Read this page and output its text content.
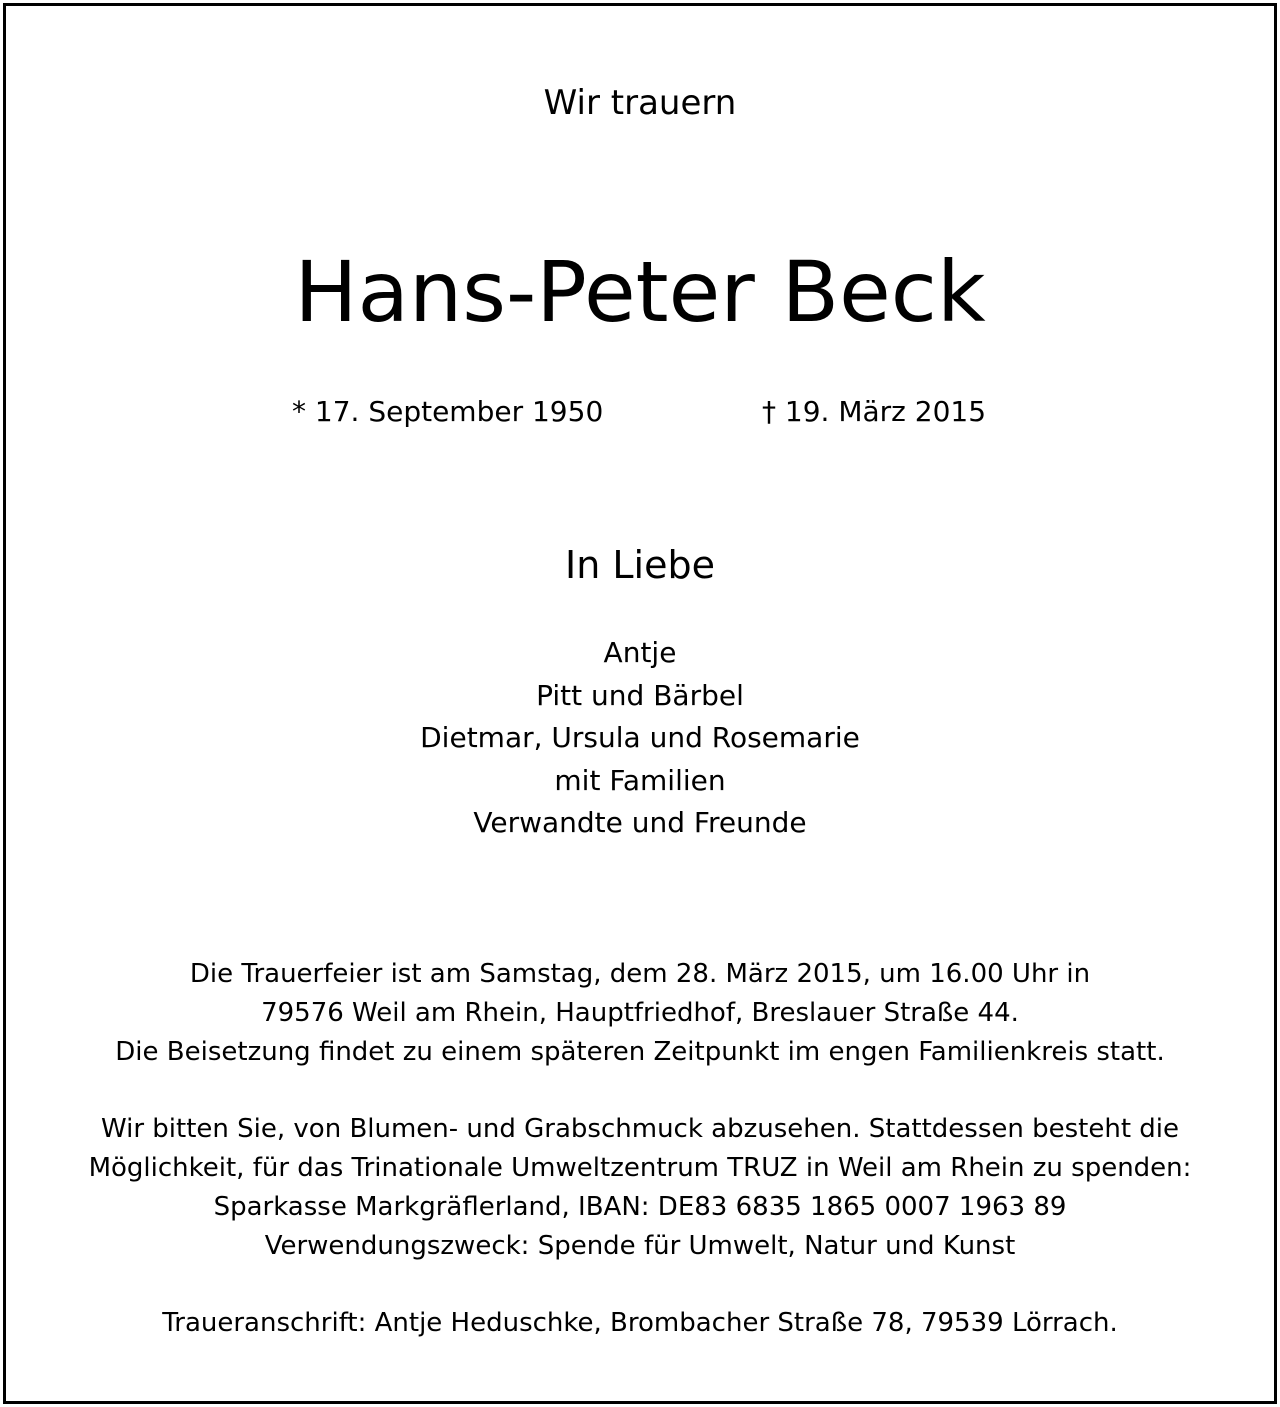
Wir trauern
Hans-Peter Beck
* 17. September 1950	† 19. März 2015
In Liebe
Antje
Pitt und Bärbel
Dietmar, Ursula und Rosemarie
mit Familien
Verwandte und Freunde
Die Trauerfeier ist am Samstag, dem 28. März 2015, um 16.00 Uhr in
79576 Weil am Rhein, Hauptfriedhof, Breslauer Straße 44.
Die Beisetzung findet zu einem späteren Zeitpunkt im engen Familienkreis statt.
Wir bitten Sie, von Blumen- und Grabschmuck abzusehen. Stattdessen besteht die
Möglichkeit, für das Trinationale Umweltzentrum TRUZ in Weil am Rhein zu spenden:
Sparkasse Markgräflerland, IBAN: DE83 6835 1865 0007 1963 89
Verwendungszweck: Spende für Umwelt, Natur und Kunst
Traueranschrift: Antje Heduschke, Brombacher Straße 78, 79539 Lörrach.
